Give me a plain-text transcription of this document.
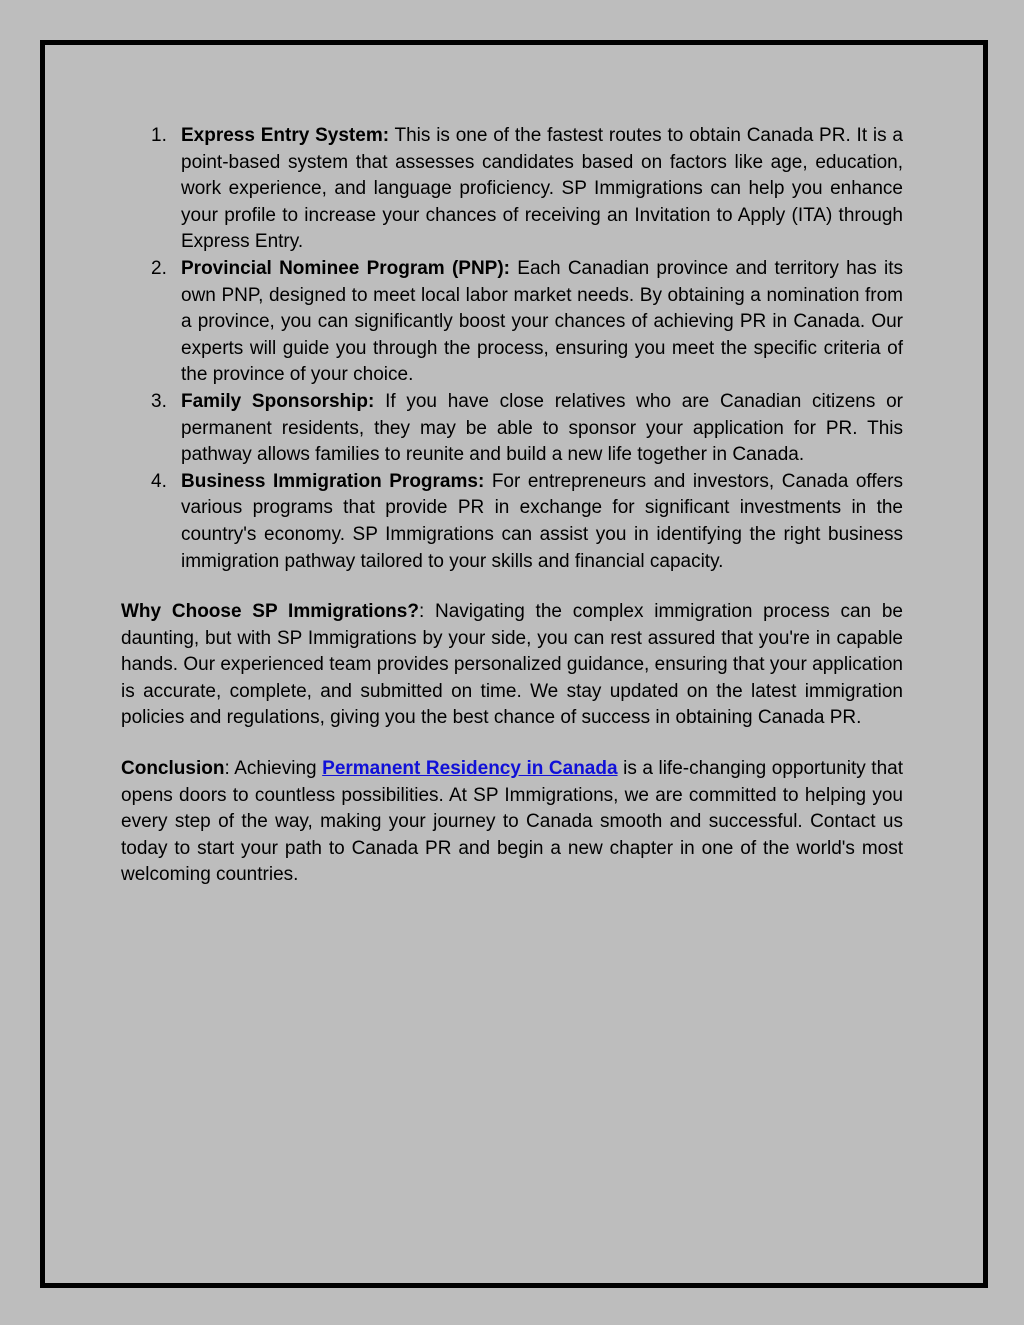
1. Express Entry System: This is one of the fastest routes to obtain Canada PR. It is a point-based system that assesses candidates based on factors like age, education, work experience, and language proficiency. SP Immigrations can help you enhance your profile to increase your chances of receiving an Invitation to Apply (ITA) through Express Entry.
2. Provincial Nominee Program (PNP): Each Canadian province and territory has its own PNP, designed to meet local labor market needs. By obtaining a nomination from a province, you can significantly boost your chances of achieving PR in Canada. Our experts will guide you through the process, ensuring you meet the specific criteria of the province of your choice.
3. Family Sponsorship: If you have close relatives who are Canadian citizens or permanent residents, they may be able to sponsor your application for PR. This pathway allows families to reunite and build a new life together in Canada.
4. Business Immigration Programs: For entrepreneurs and investors, Canada offers various programs that provide PR in exchange for significant investments in the country's economy. SP Immigrations can assist you in identifying the right business immigration pathway tailored to your skills and financial capacity.

Why Choose SP Immigrations?: Navigating the complex immigration process can be daunting, but with SP Immigrations by your side, you can rest assured that you're in capable hands. Our experienced team provides personalized guidance, ensuring that your application is accurate, complete, and submitted on time. We stay updated on the latest immigration policies and regulations, giving you the best chance of success in obtaining Canada PR.

Conclusion: Achieving Permanent Residency in Canada is a life-changing opportunity that opens doors to countless possibilities. At SP Immigrations, we are committed to helping you every step of the way, making your journey to Canada smooth and successful. Contact us today to start your path to Canada PR and begin a new chapter in one of the world's most welcoming countries.
